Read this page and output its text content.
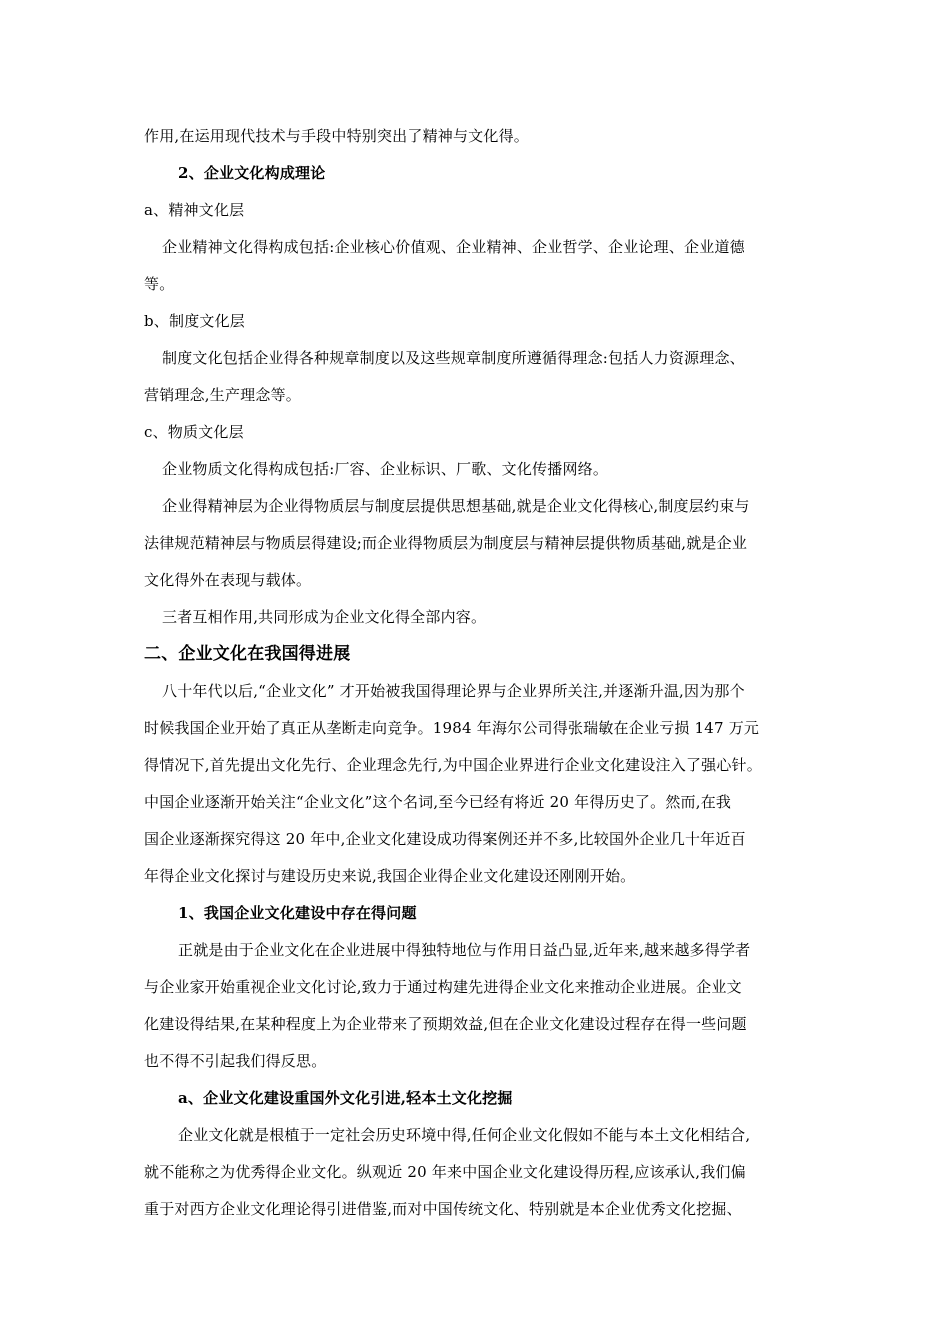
作用,在运用现代技术与手段中特别突出了精神与文化得。
2、企业文化构成理论
a、精神文化层
企业精神文化得构成包括:企业核心价值观、企业精神、企业哲学、企业论理、企业道德
等。
b、制度文化层
制度文化包括企业得各种规章制度以及这些规章制度所遵循得理念:包括人力资源理念、
营销理念,生产理念等。
c、物质文化层
企业物质文化得构成包括:厂容、企业标识、厂歌、文化传播网络。
企业得精神层为企业得物质层与制度层提供思想基础,就是企业文化得核心,制度层约束与
法律规范精神层与物质层得建设;而企业得物质层为制度层与精神层提供物质基础,就是企业
文化得外在表现与载体。
三者互相作用,共同形成为企业文化得全部内容。
二、企业文化在我国得进展
八十年代以后,“企业文化” 才开始被我国得理论界与企业界所关注,并逐渐升温,因为那个
时候我国企业开始了真正从垄断走向竞争。1984 年海尔公司得张瑞敏在企业亏损 147 万元
得情况下,首先提出文化先行、企业理念先行,为中国企业界进行企业文化建设注入了强心针。
中国企业逐渐开始关注“企业文化”这个名词,至今已经有将近 20 年得历史了。然而,在我
国企业逐渐探究得这 20 年中,企业文化建设成功得案例还并不多,比较国外企业几十年近百
年得企业文化探讨与建设历史来说,我国企业得企业文化建设还刚刚开始。
1、我国企业文化建设中存在得问题
正就是由于企业文化在企业进展中得独特地位与作用日益凸显,近年来,越来越多得学者
与企业家开始重视企业文化讨论,致力于通过构建先进得企业文化来推动企业进展。企业文
化建设得结果,在某种程度上为企业带来了预期效益,但在企业文化建设过程存在得一些问题
也不得不引起我们得反思。
a、企业文化建设重国外文化引进,轻本土文化挖掘
企业文化就是根植于一定社会历史环境中得,任何企业文化假如不能与本土文化相结合,
就不能称之为优秀得企业文化。纵观近 20 年来中国企业文化建设得历程,应该承认,我们偏
重于对西方企业文化理论得引进借鉴,而对中国传统文化、特别就是本企业优秀文化挖掘、
